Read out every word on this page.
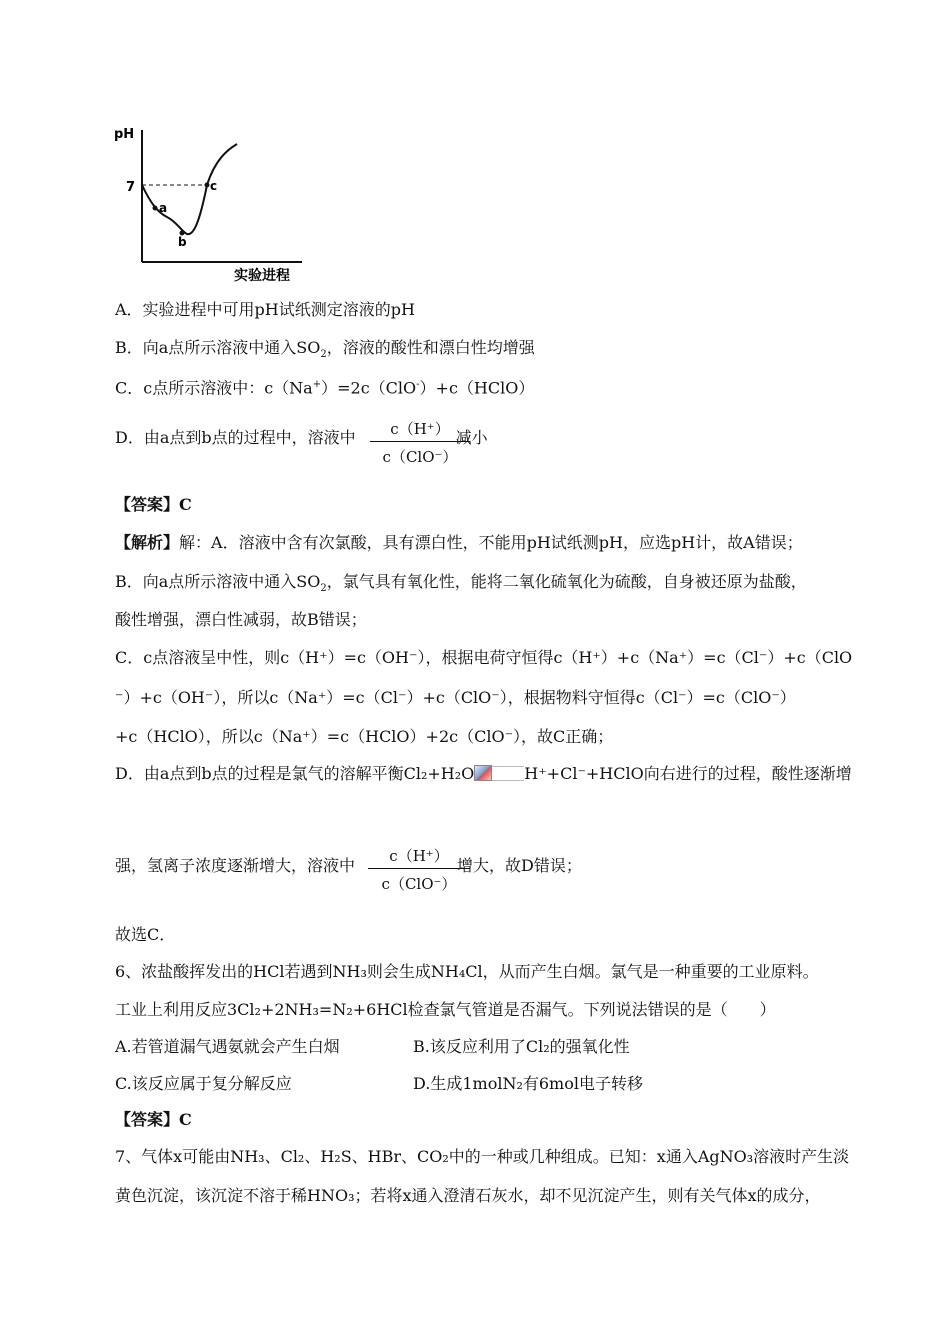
pH
7
a
b
c
实验进程
A．实验进程中可用pH试纸测定溶液的pH
B．向a点所示溶液中通入$SO_2$，溶液的酸性和漂白性均增强
C．c点所示溶液中：c（Na+）=2c（ClO-）+c（HClO）
D．由a点到b点的过程中，溶液中	减小
c（H⁺）
c（ClO⁻）
【答案】C
【解析】解：A．溶液中含有次氯酸，具有漂白性，不能用pH试纸测pH，应选pH计，故A错误；
B．向a点所示溶液中通入$SO_2$，氯气具有氧化性，能将二氧化硫氧化为硫酸，自身被还原为盐酸，
酸性增强，漂白性减弱，故B错误；
C．c点溶液呈中性，则c（H⁺）=c（OH⁻），根据电荷守恒得c（H⁺）+c（Na⁺）=c（Cl⁻）+c（ClO
⁻）+c（OH⁻），所以c（Na⁺）=c（Cl⁻）+c（ClO⁻），根据物料守恒得c（Cl⁻）=c（ClO⁻）
+c（HClO），所以c（Na⁺）=c（HClO）+2c（ClO⁻），故C正确；
D．由a点到b点的过程是氯气的溶解平衡Cl₂+H₂O	H⁺+Cl⁻+HClO向右进行的过程，酸性逐渐增
强，氢离子浓度逐渐增大，溶液中	增大，故D错误；
c（H⁺）
c（ClO⁻）
故选C．
6、浓盐酸挥发出的HCl若遇到NH₃则会生成NH₄Cl，从而产生白烟。氯气是一种重要的工业原料。
工业上利用反应3Cl₂+2NH₃=N₂+6HCl检查氯气管道是否漏气。下列说法错误的是（　　）
A.若管道漏气遇氨就会产生白烟	B.该反应利用了Cl₂的强氧化性
C.该反应属于复分解反应	D.生成1molN₂有6mol电子转移
【答案】C
7、气体x可能由NH₃、Cl₂、H₂S、HBr、CO₂中的一种或几种组成。已知：x通入AgNO₃溶液时产生淡
黄色沉淀，该沉淀不溶于稀HNO₃；若将x通入澄清石灰水，却不见沉淀产生，则有关气体x的成分，
